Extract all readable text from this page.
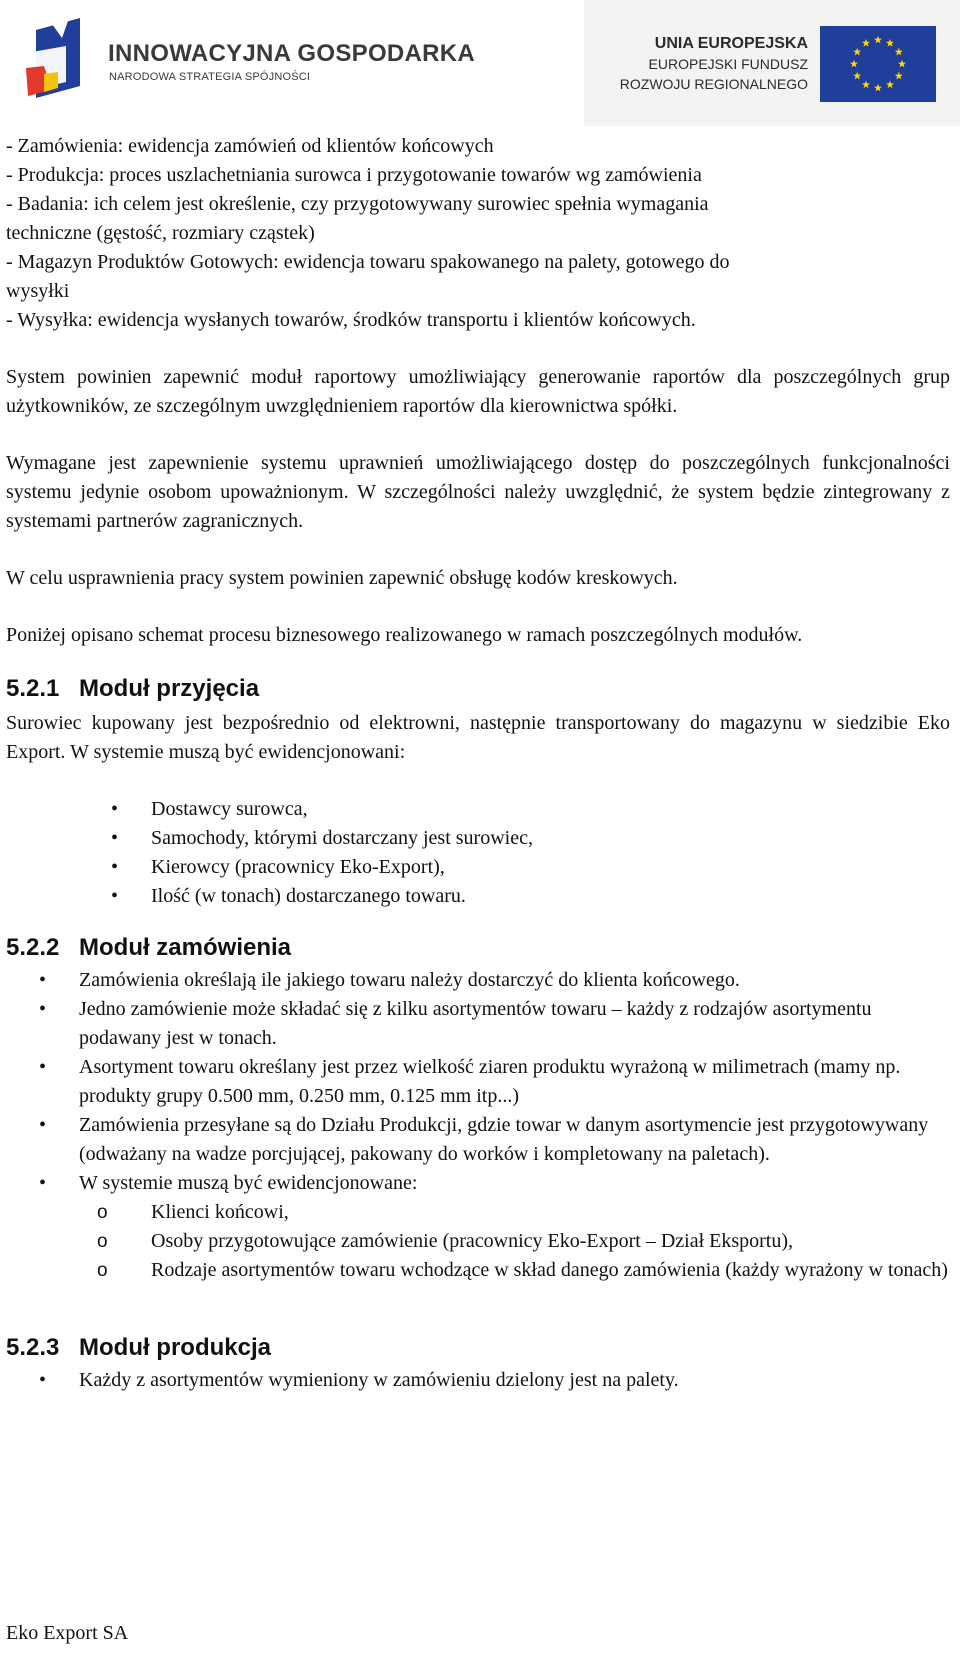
INNOWACYJNA GOSPODARKA
NARODOWA STRATEGIA SPÓJNOŚCI
UNIA EUROPEJSKA
EUROPEJSKI FUNDUSZ
ROZWOJU REGIONALNEGO
- Zamówienia: ewidencja zamówień od klientów końcowych
- Produkcja: proces uszlachetniania surowca i przygotowanie towarów wg zamówienia
- Badania: ich celem jest określenie, czy przygotowywany surowiec spełnia wymagania
techniczne (gęstość, rozmiary cząstek)
- Magazyn Produktów Gotowych: ewidencja towaru spakowanego na palety, gotowego do
wysyłki
- Wysyłka: ewidencja wysłanych towarów, środków transportu i klientów końcowych.

System powinien zapewnić moduł raportowy umożliwiający generowanie raportów dla poszczególnych grup użytkowników, ze szczególnym uwzględnieniem raportów dla kierownictwa spółki.

Wymagane jest zapewnienie systemu uprawnień umożliwiającego dostęp do poszczególnych funkcjonalności systemu jedynie osobom upoważnionym. W szczególności należy uwzględnić, że system będzie zintegrowany z systemami partnerów zagranicznych.

W celu usprawnienia pracy system powinien zapewnić obsługę kodów kreskowych.

Poniżej opisano schemat procesu biznesowego realizowanego w ramach poszczególnych modułów.

5.2.1 Moduł przyjęcia

Surowiec kupowany jest bezpośrednio od elektrowni, następnie transportowany do magazynu w siedzibie Eko Export. W systemie muszą być ewidencjonowani:

• Dostawcy surowca,
• Samochody, którymi dostarczany jest surowiec,
• Kierowcy (pracownicy Eko-Export),
• Ilość (w tonach) dostarczanego towaru.
5.2.2 Moduł zamówienia
• Zamówienia określają ile jakiego towaru należy dostarczyć do klienta końcowego.
• Jedno zamówienie może składać się z kilku asortymentów towaru – każdy z rodzajów asortymentu podawany jest w tonach.
• Asortyment towaru określany jest przez wielkość ziaren produktu wyrażoną w milimetrach (mamy np. produkty grupy 0.500 mm, 0.250 mm, 0.125 mm itp...)
• Zamówienia przesyłane są do Działu Produkcji, gdzie towar w danym asortymencie jest przygotowywany (odważany na wadze porcjującej, pakowany do worków i kompletowany na paletach).
• W systemie muszą być ewidencjonowane:
o Klienci końcowi,
o Osoby przygotowujące zamówienie (pracownicy Eko-Export – Dział Eksportu),
o Rodzaje asortymentów towaru wchodzące w skład danego zamówienia (każdy wyrażony w tonach)
5.2.3 Moduł produkcja
• Każdy z asortymentów wymieniony w zamówieniu dzielony jest na palety.
Eko Export SA
